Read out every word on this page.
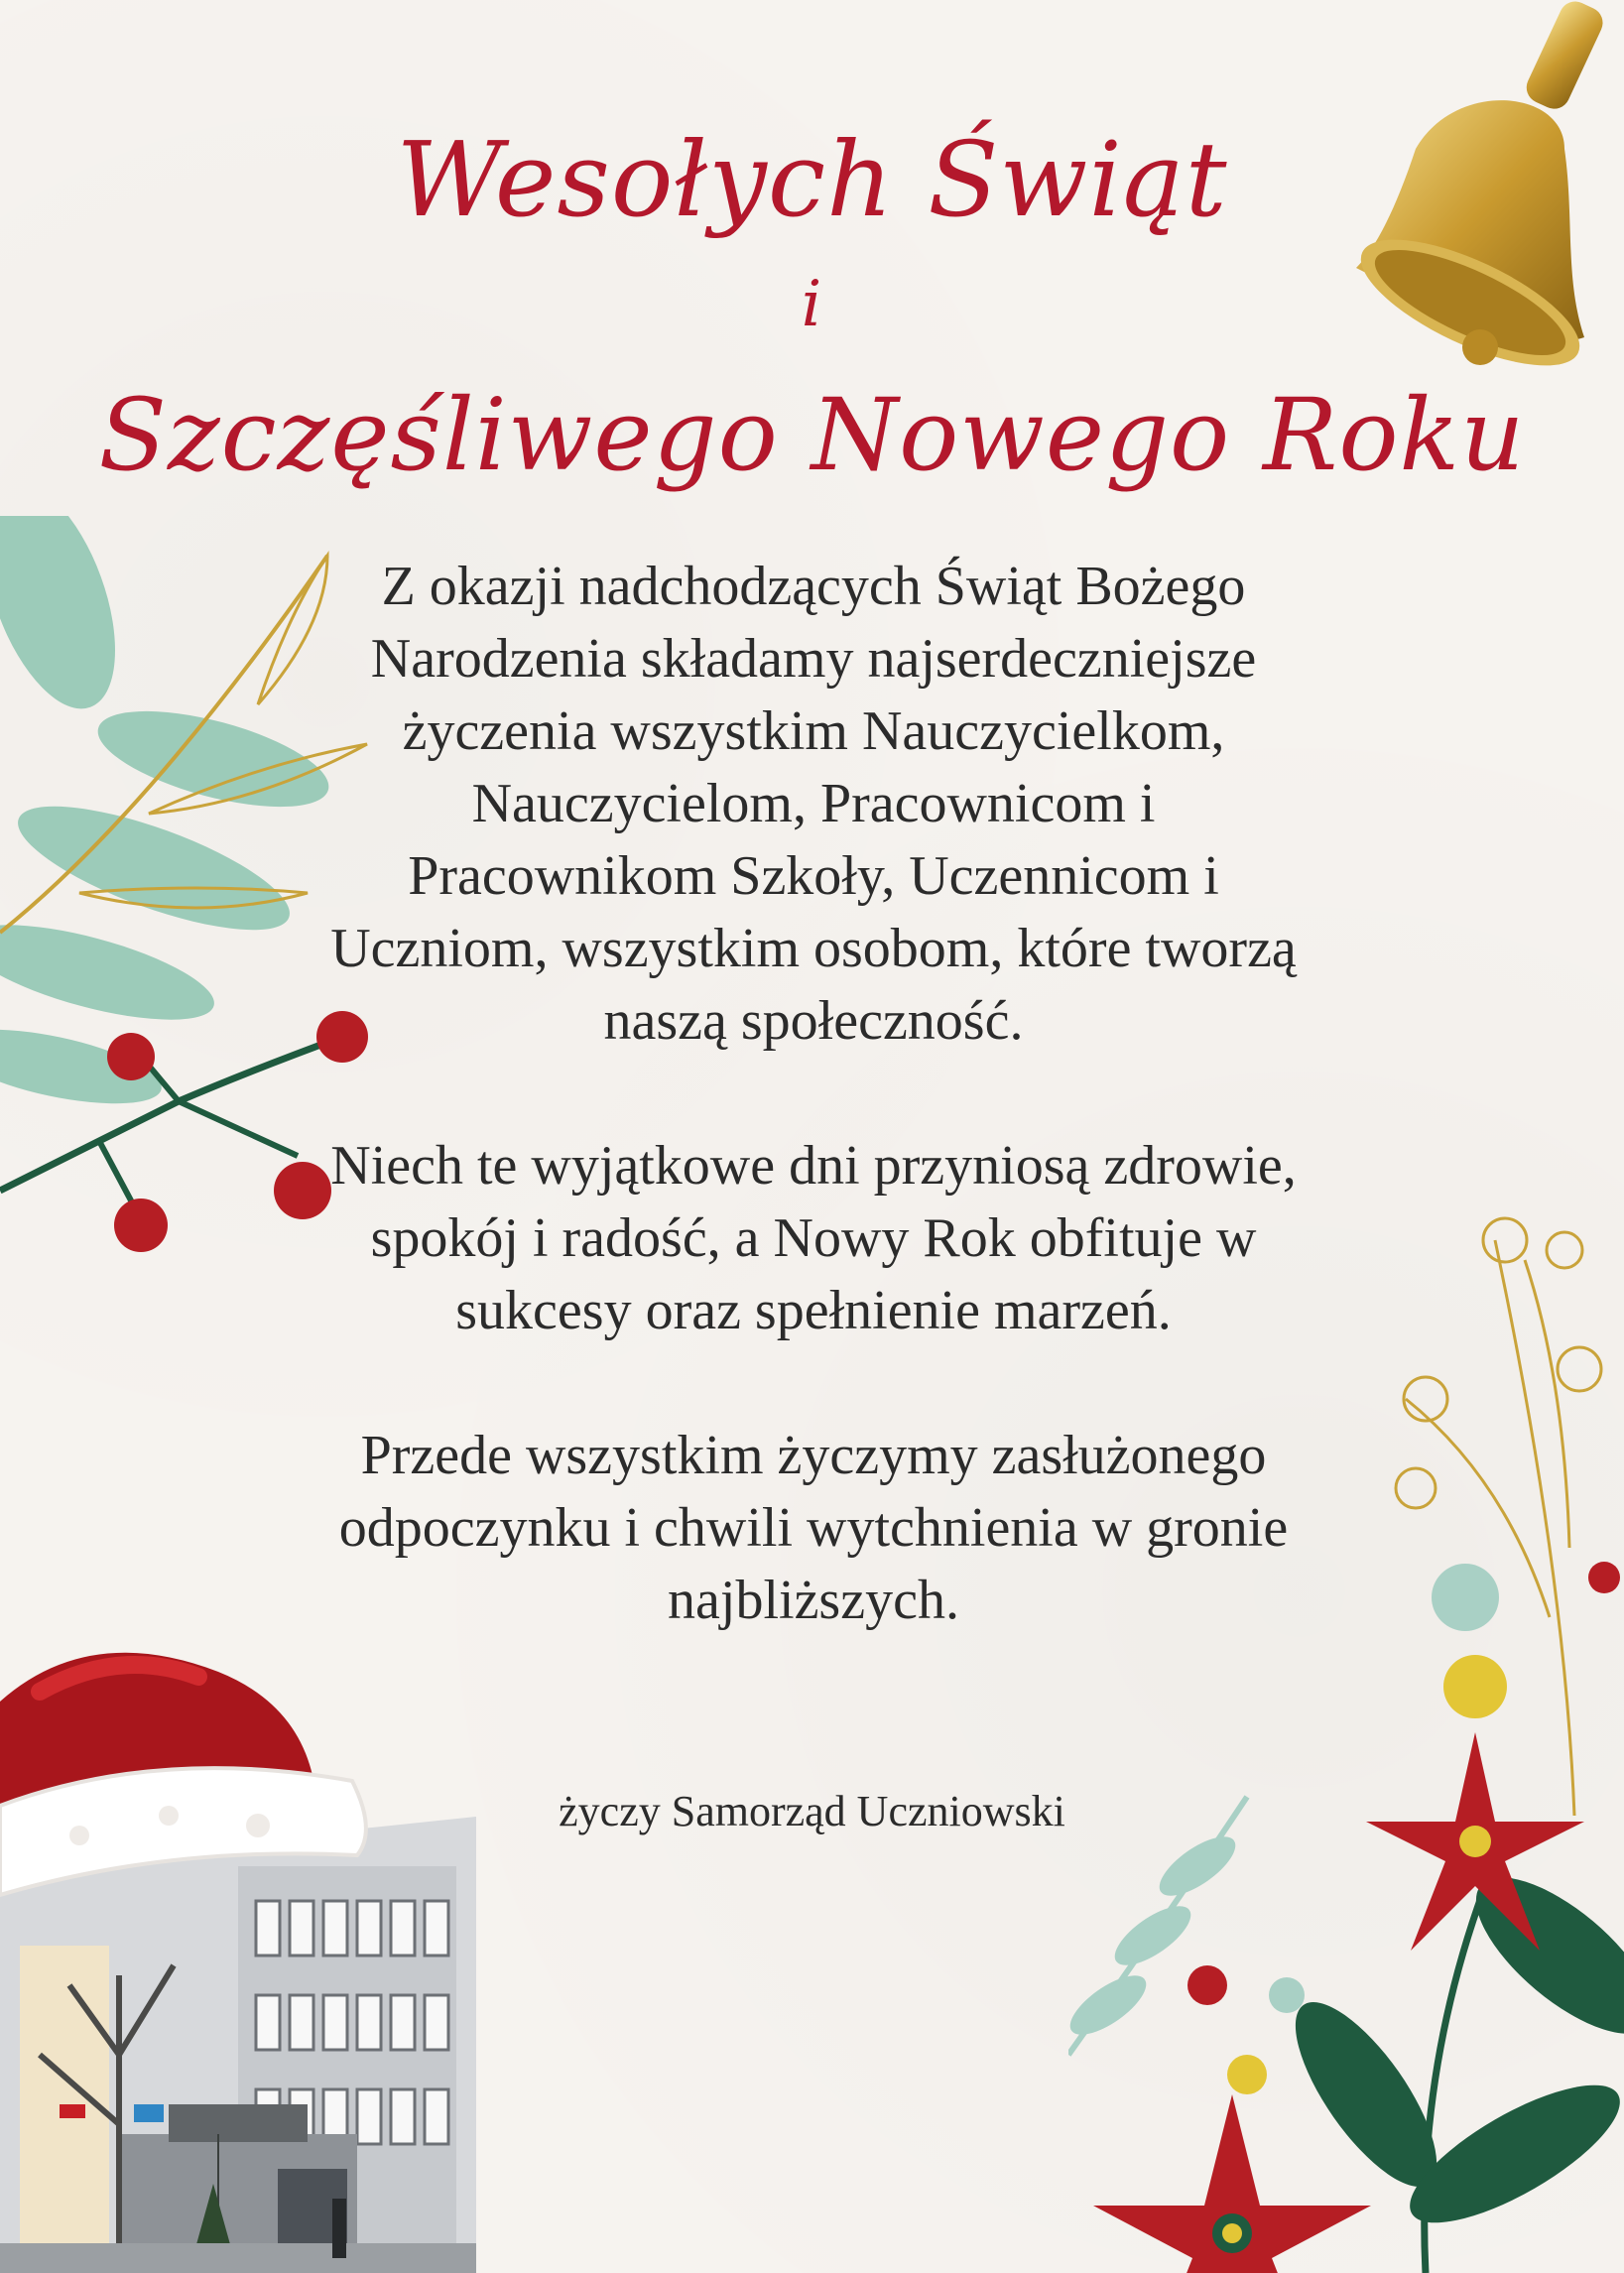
Wesołych Świąt
i
Szczęśliwego Nowego Roku

Z okazji nadchodzących Świąt Bożego Narodzenia składamy najserdeczniejsze życzenia wszystkim Nauczycielkom, Nauczycielom, Pracownicom i Pracownikom Szkoły, Uczennicom i Uczniom, wszystkim osobom, które tworzą naszą społeczność.

Niech te wyjątkowe dni przyniosą zdrowie, spokój i radość, a Nowy Rok obfituje w sukcesy oraz spełnienie marzeń.

Przede wszystkim życzymy zasłużonego odpoczynku i chwili wytchnienia w gronie najbliższych.

życzy Samorząd Uczniowski
